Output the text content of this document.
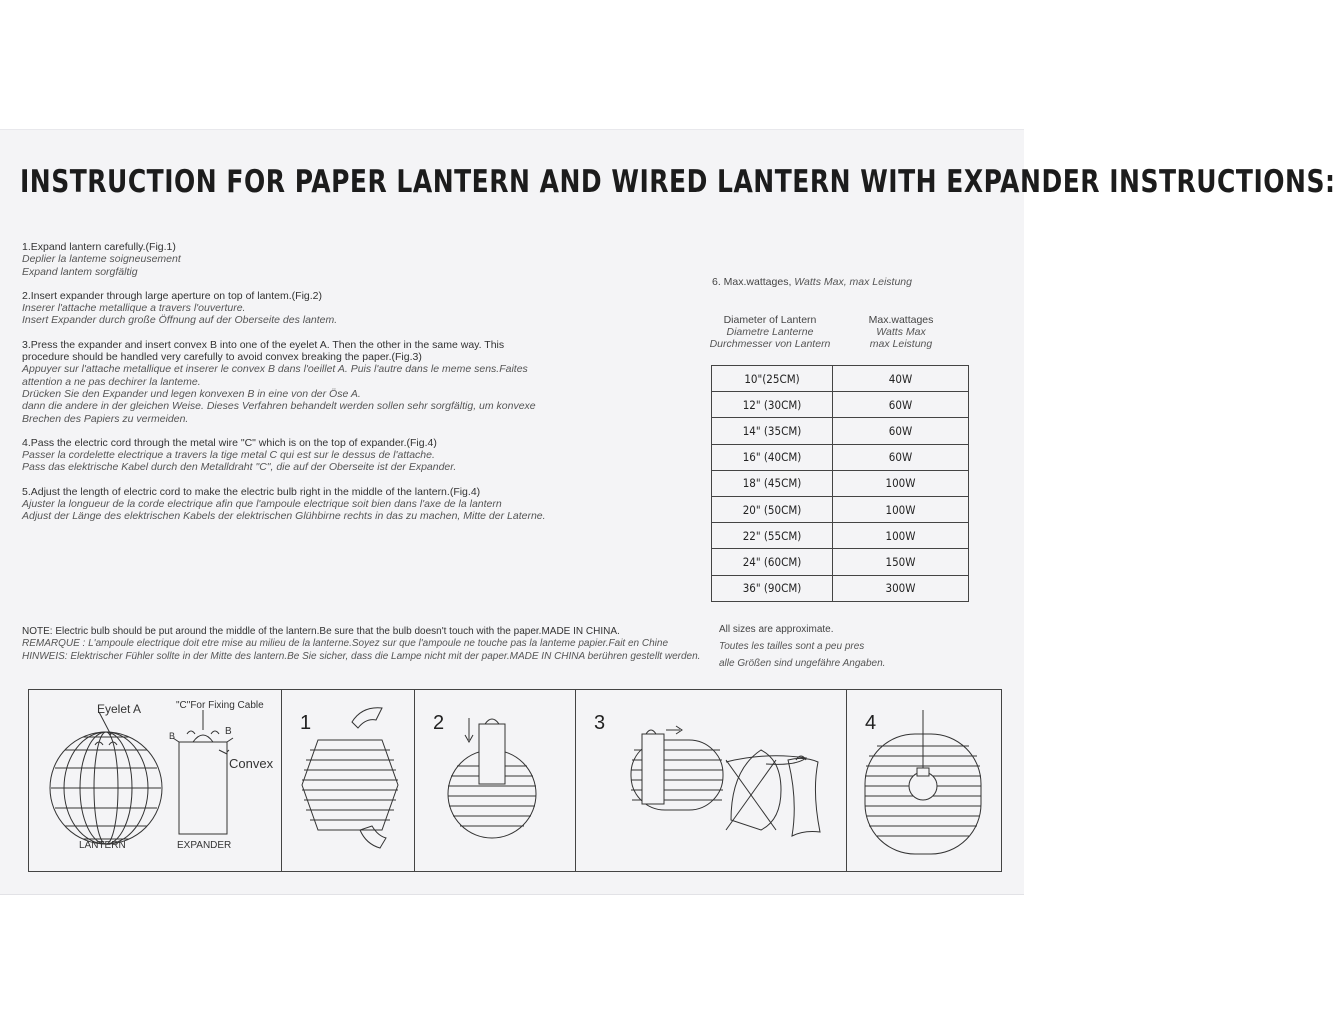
INSTRUCTION FOR PAPER LANTERN AND WIRED LANTERN WITH EXPANDER INSTRUCTIONS:
1.Expand lantern carefully.(Fig.1)
Deplier la lanteme soigneusement
Expand lantem sorgfältig
2.Insert expander through large aperture on top of lantem.(Fig.2)
Inserer l'attache metallique a travers l'ouverture.
Insert Expander durch große Öffnung auf der Oberseite des lantem.
3.Press the expander and insert convex B into one of the eyelet A. Then the other in the same way. This
procedure should be handled very carefully to avoid convex breaking the paper.(Fig.3)
Appuyer sur l'attache metallique et inserer le convex B dans l'oeillet A. Puis l'autre dans le meme sens.Faites
attention a ne pas dechirer la lanteme.
Drücken Sie den Expander und legen konvexen B in eine von der Öse A.
dann die andere in der gleichen Weise. Dieses Verfahren behandelt werden sollen sehr sorgfältig, um konvexe
Brechen des Papiers zu vermeiden.
4.Pass the electric cord through the metal wire "C" which is on the top of expander.(Fig.4)
Passer la cordelette electrique a travers la tige metal C qui est sur le dessus de l'attache.
Pass das elektrische Kabel durch den Metalldraht "C", die auf der Oberseite ist der Expander.
5.Adjust the length of electric cord to make the electric bulb right in the middle of the lantern.(Fig.4)
Ajuster la longueur de la corde electrique afin que l'ampoule electrique soit bien dans l'axe de la lantern
Adjust der Länge des elektrischen Kabels der elektrischen Glühbirne rechts in das zu machen, Mitte der Laterne.
NOTE: Electric bulb should be put around the middle of the lantern.Be sure that the bulb doesn't touch with the paper.MADE IN CHINA.
REMARQUE : L'ampoule electrique doit etre mise au milieu de la lanterne.Soyez sur que l'ampoule ne touche pas la lanteme papier.Fait en Chine
HINWEIS: Elektrischer Fühler sollte in der Mitte des lantern.Be Sie sicher, dass die Lampe nicht mit der paper.MADE IN CHINA berühren gestellt werden.
6. Max.wattages, Watts Max, max Leistung
Diameter of Lantern
Diametre Lanterne
Durchmesser von Lantern
Max.wattages
Watts Max
max Leistung
10"(25CM)	40W
12" (30CM)	60W
14" (35CM)	60W
16" (40CM)	60W
18" (45CM)	100W
20" (50CM)	100W
22" (55CM)	100W
24" (60CM)	150W
36" (90CM)	300W
All sizes are approximate.
Toutes les tailles sont a peu pres
alle Größen sind ungefähre Angaben.
Eyelet A	"C"For Fixing Cable
B	B
Convex
LANTERN	EXPANDER
1	2	3	4
